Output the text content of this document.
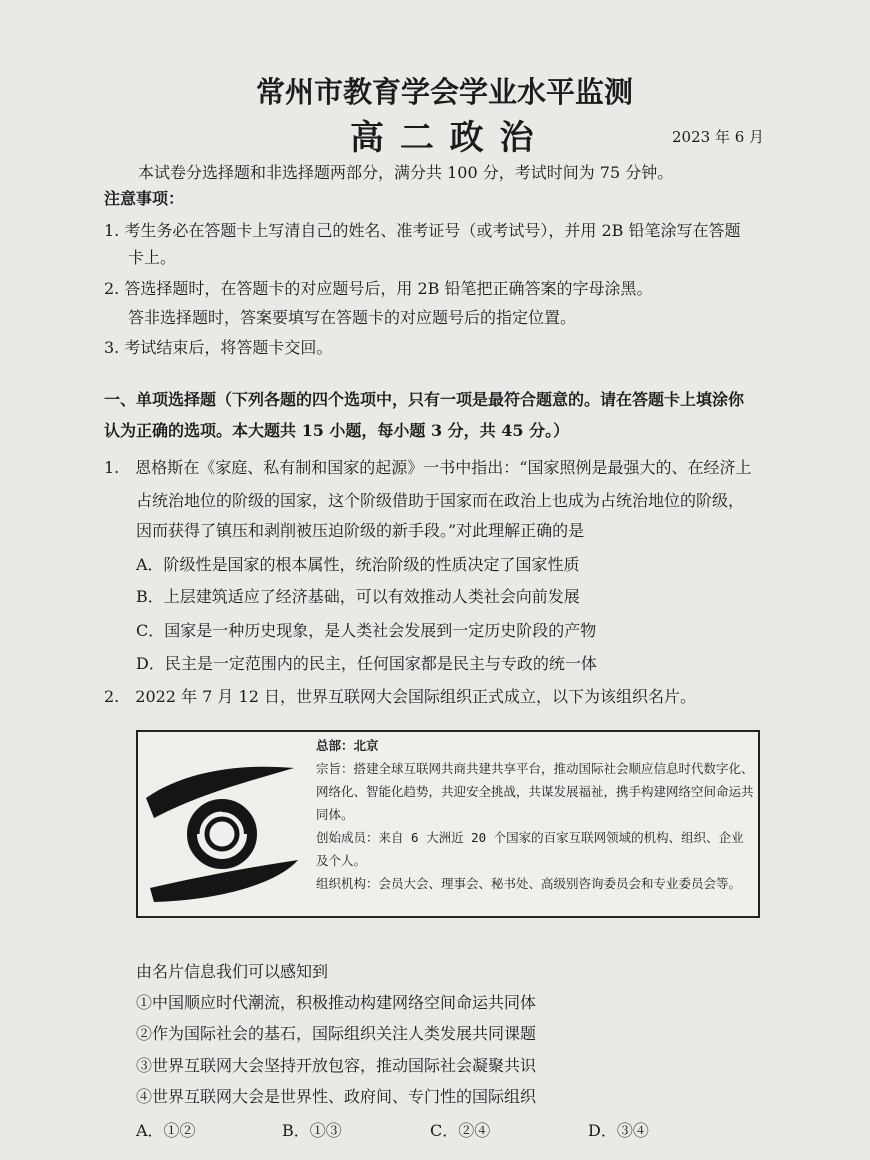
常州市教育学会学业水平监测
高 二 政 治	2023 年 6 月
本试卷分选择题和非选择题两部分，满分共 100 分，考试时间为 75 分钟。
注意事项：
1. 考生务必在答题卡上写清自己的姓名、准考证号（或考试号），并用 2B 铅笔涂写在答题
卡上。
2. 答选择题时，在答题卡的对应题号后，用 2B 铅笔把正确答案的字母涂黑。
答非选择题时，答案要填写在答题卡的对应题号后的指定位置。
3. 考试结束后，将答题卡交回。
一、单项选择题（下列各题的四个选项中，只有一项是最符合题意的。请在答题卡上填涂你
认为正确的选项。本大题共 15 小题，每小题 3 分，共 45 分。）
1.　恩格斯在《家庭、私有制和国家的起源》一书中指出：“国家照例是最强大的、在经济上
占统治地位的阶级的国家，这个阶级借助于国家而在政治上也成为占统治地位的阶级，
因而获得了镇压和剥削被压迫阶级的新手段。”对此理解正确的是
A．阶级性是国家的根本属性，统治阶级的性质决定了国家性质
B．上层建筑适应了经济基础，可以有效推动人类社会向前发展
C．国家是一种历史现象，是人类社会发展到一定历史阶段的产物
D．民主是一定范围内的民主，任何国家都是民主与专政的统一体
2.　2022 年 7 月 12 日，世界互联网大会国际组织正式成立，以下为该组织名片。
总部：北京
宗旨：搭建全球互联网共商共建共享平台，推动国际社会顺应信息时代数字化、网络化、智能化趋势，共迎安全挑战，共谋发展福祉，携手构建网络空间命运共同体。
创始成员：来自 6 大洲近 20 个国家的百家互联网领域的机构、组织、企业及个人。
组织机构：会员大会、理事会、秘书处、高级别咨询委员会和专业委员会等。
由名片信息我们可以感知到
①中国顺应时代潮流，积极推动构建网络空间命运共同体
②作为国际社会的基石，国际组织关注人类发展共同课题
③世界互联网大会坚持开放包容，推动国际社会凝聚共识
④世界互联网大会是世界性、政府间、专门性的国际组织
A．①②	B．①③	C．②④	D．③④
